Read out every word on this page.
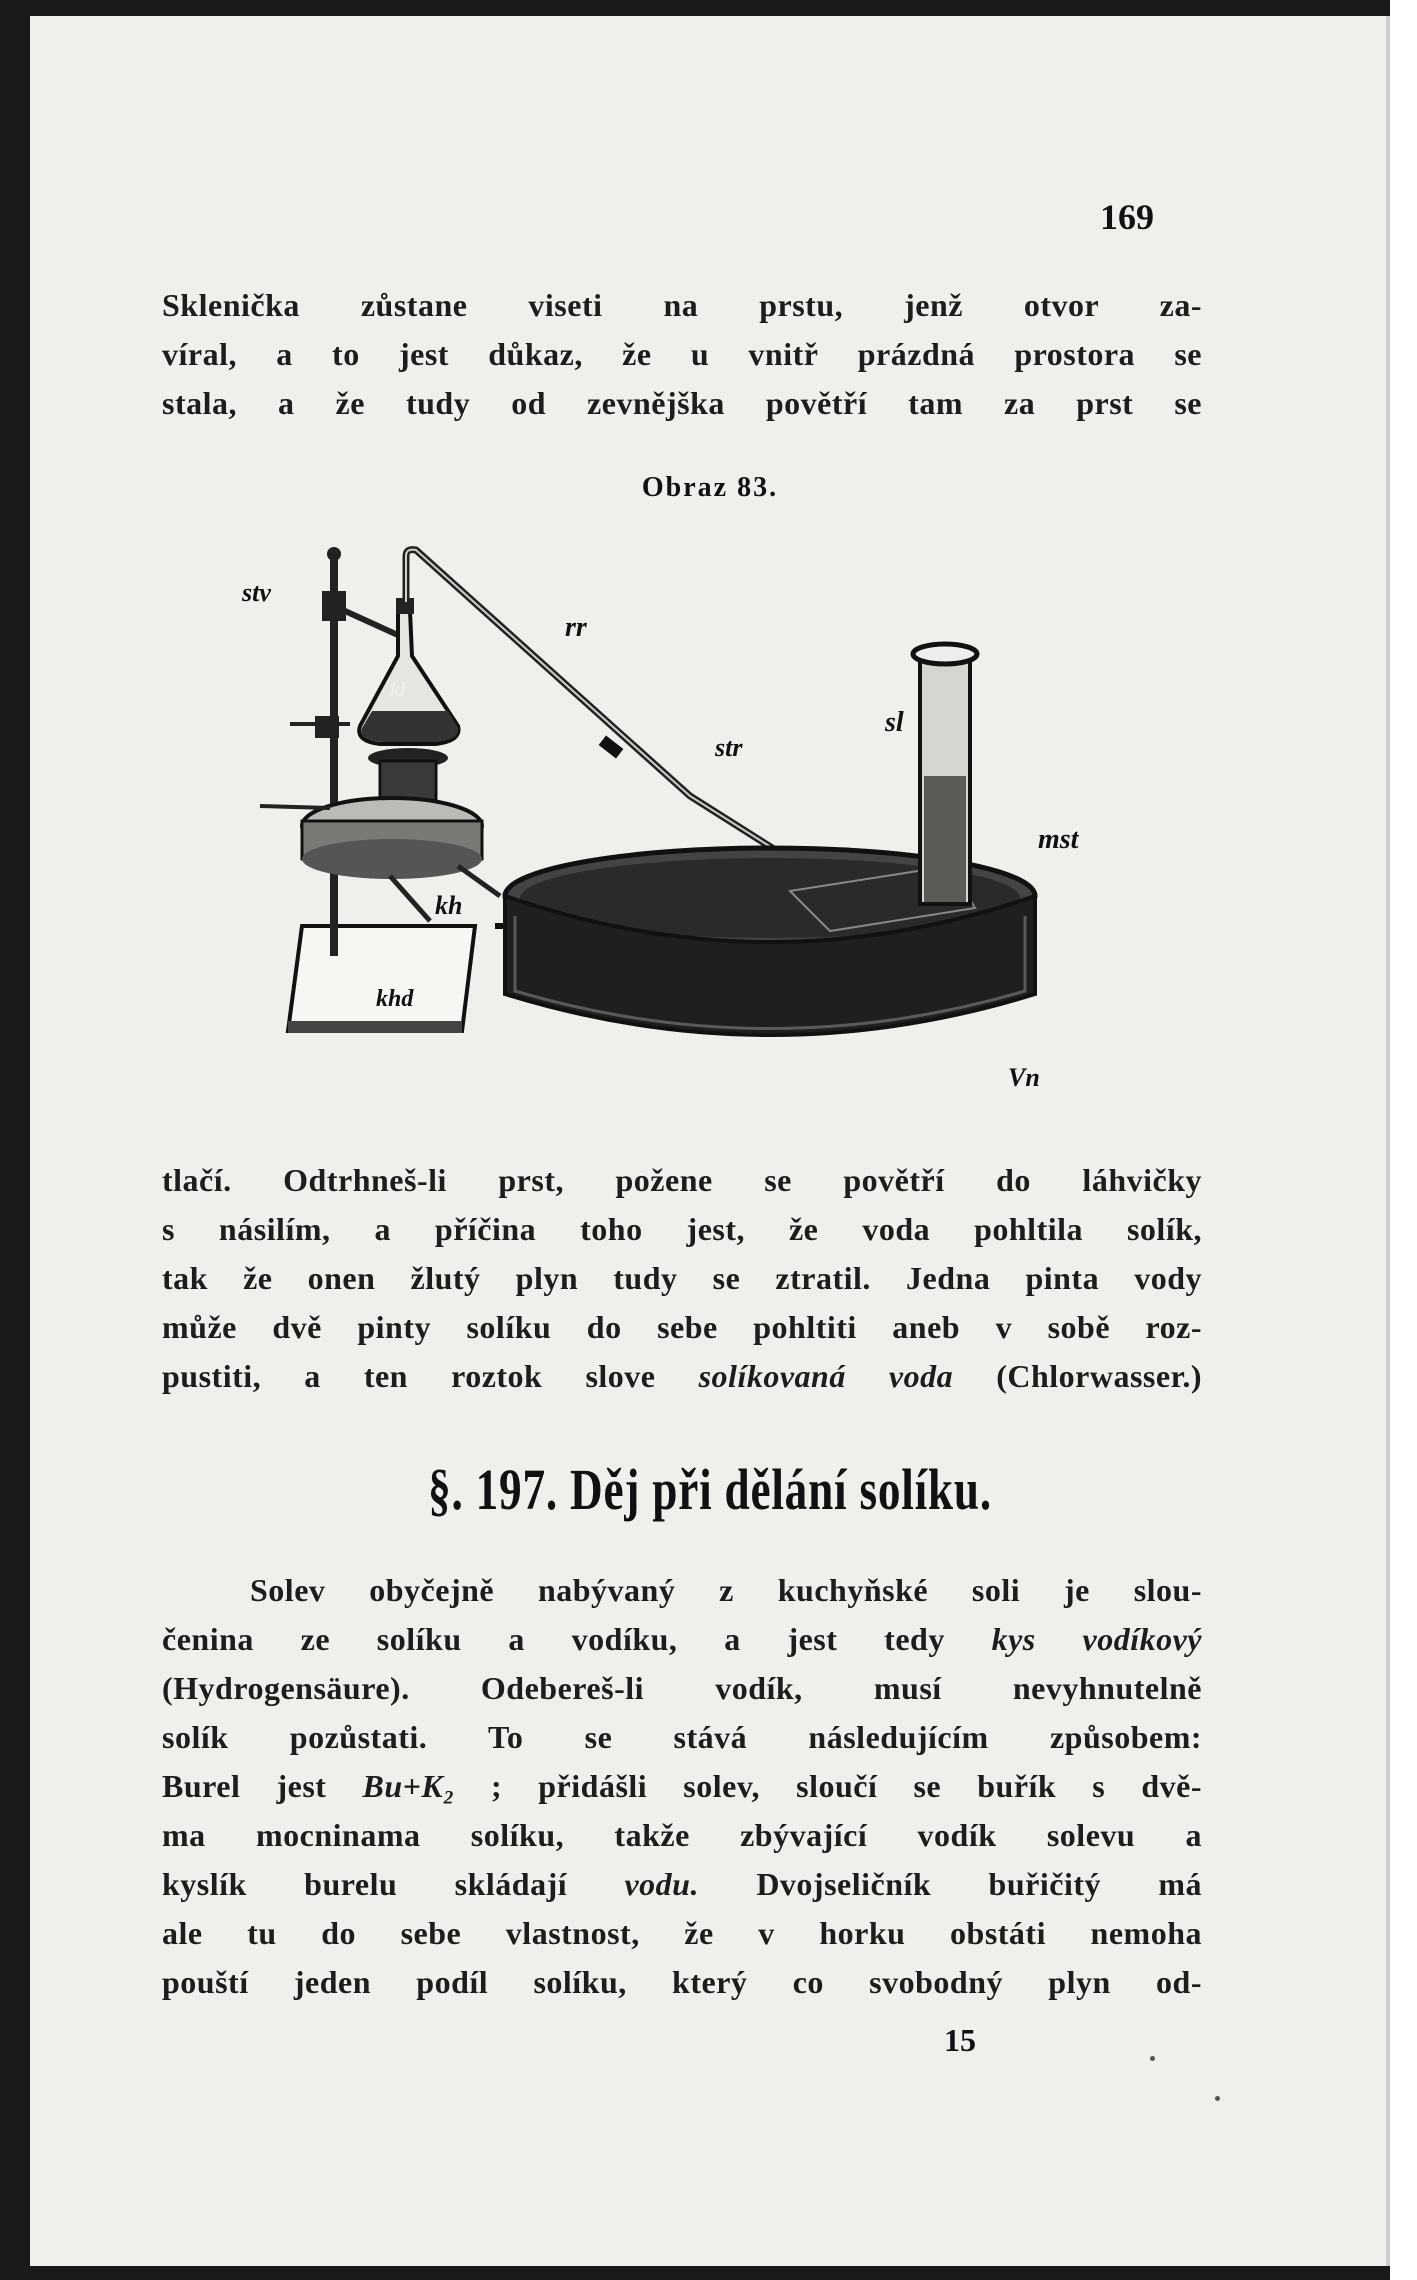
169
Sklenička zůstane viseti na prstu, jenž otvor za-
víral, a to jest důkaz, že u vnitř prázdná prostora se
stala, a že tudy od zevnějška povětří tam za prst se
Obraz 83.
stv
kl
rr
str
sl
mst
kh
khd
Vn
tlačí. Odtrhneš-li prst, požene se povětří do láhvičky
s násilím, a příčina toho jest, že voda pohltila solík,
tak že onen žlutý plyn tudy se ztratil. Jedna pinta vody
může dvě pinty solíku do sebe pohltiti aneb v sobě roz-
pustiti, a ten roztok slove solíkovaná voda (Chlorwasser.)
§. 197. Děj při dělání solíku.
Solev obyčejně nabývaný z kuchyňské soli je slou-
čenina ze solíku a vodíku, a jest tedy kys vodíkový
(Hydrogensäure). Odebereš-li vodík, musí nevyhnutelně
solík pozůstati. To se stává následujícím způsobem:
Burel jest Bu+K₂ ; přidášli solev, sloučí se buřík s dvě-
ma mocninama solíku, takže zbývající vodík solevu a
kyslík burelu skládají vodu. Dvojseličník buřičitý má
ale tu do sebe vlastnost, že v horku obstáti nemoha
pouští jeden podíl solíku, který co svobodný plyn od-
15
